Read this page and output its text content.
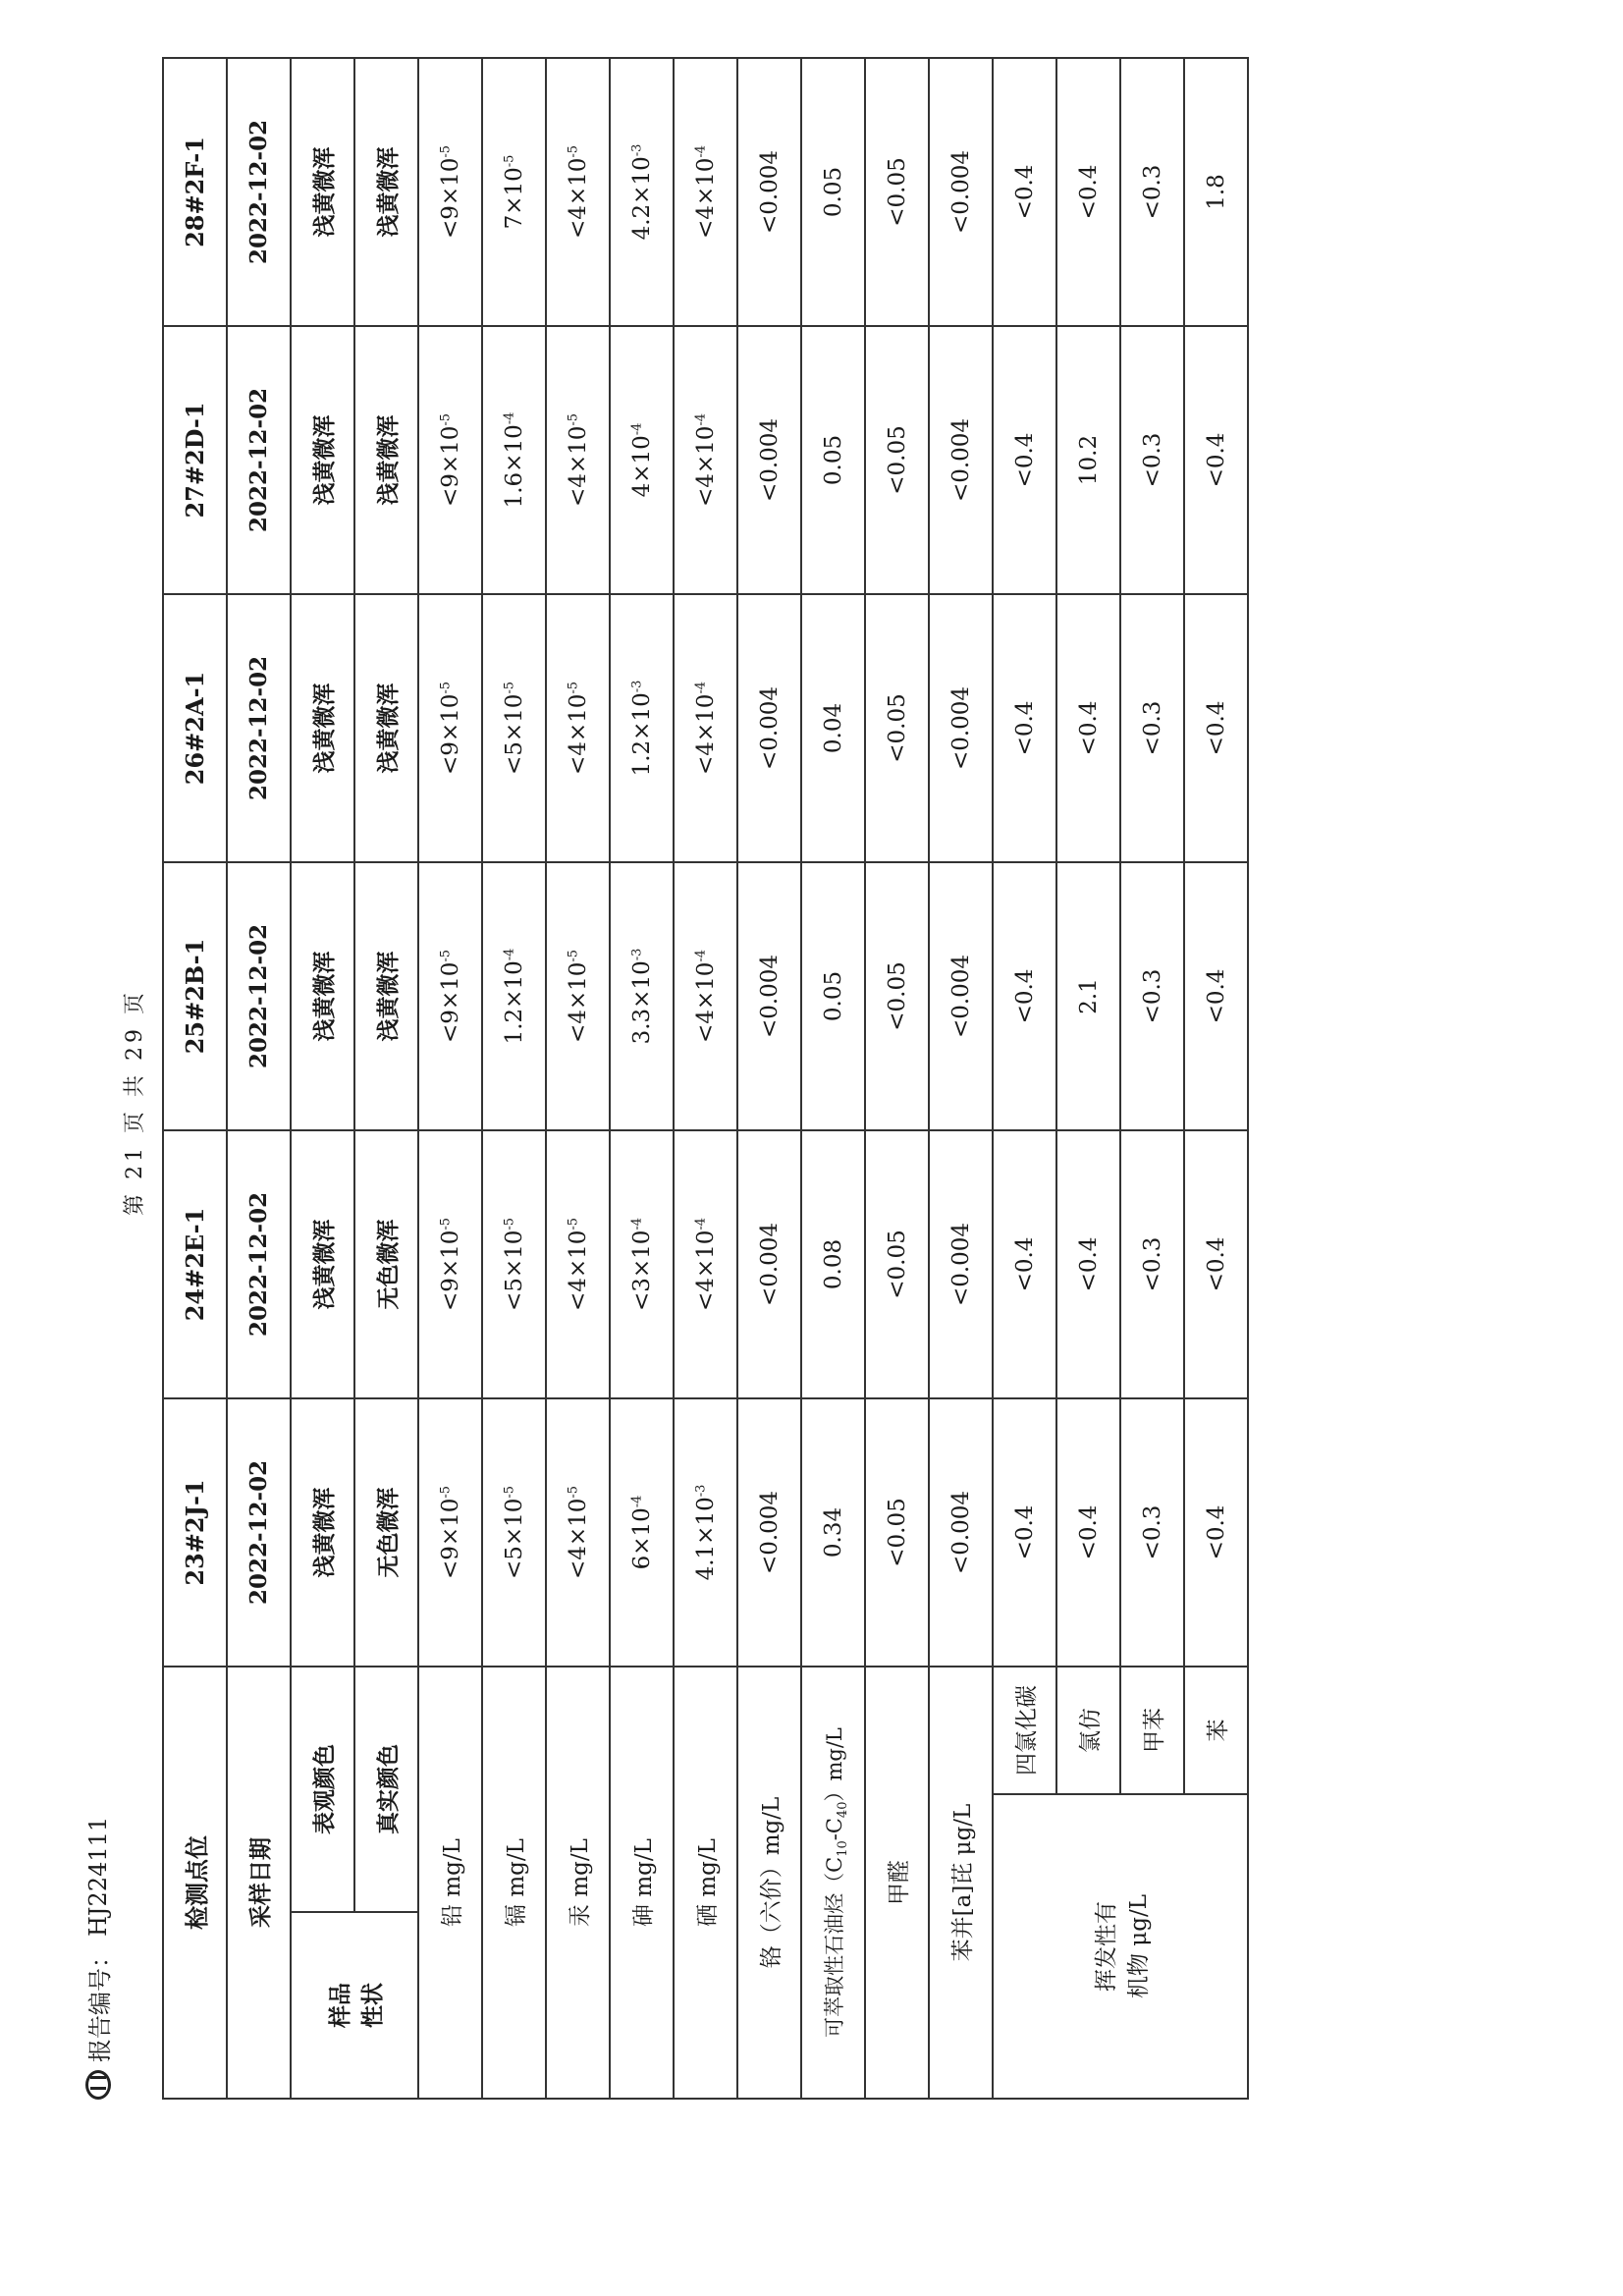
报告编号：
HJ224111
第 21 页 共 29 页
检测点位			23#2J-1	24#2E-1	25#2B-1	26#2A-1	27#2D-1	28#2F-1
采样日期			2022-12-02	2022-12-02	2022-12-02	2022-12-02	2022-12-02	2022-12-02

样品 性状	表观颜色		浅黄微浑	浅黄微浑	浅黄微浑	浅黄微浑	浅黄微浑	浅黄微浑
	真实颜色		无色微浑	无色微浑	浅黄微浑	浅黄微浑	浅黄微浑	浅黄微浑
铅 mg/L			$<9\times 10^{-5}$	$<9\times 10^{-5}$	$<9\times 10^{-5}$	$<9\times 10^{-5}$	$<9\times 10^{-5}$	$<9\times 10^{-5}$
镉 mg/L			$<5\times 10^{-5}$	$<5\times 10^{-5}$	$1.2\times 10^{-4}$	$<5\times 10^{-5}$	$1.6\times 10^{-4}$	$7\times 10^{-5}$
汞 mg/L			$<4\times 10^{-5}$	$<4\times 10^{-5}$	$<4\times 10^{-5}$	$<4\times 10^{-5}$	$<4\times 10^{-5}$	$<4\times 10^{-5}$
砷 mg/L			$6\times 10^{-4}$	$<3\times 10^{-4}$	$3.3\times 10^{-3}$	$1.2\times 10^{-3}$	$4\times 10^{-4}$	$4.2\times 10^{-3}$
硒 mg/L			$4.1\times 10^{-3}$	$<4\times 10^{-4}$	$<4\times 10^{-4}$	$<4\times 10^{-4}$	$<4\times 10^{-4}$	$<4\times 10^{-4}$
铬（六价）mg/L			<0.004	<0.004	<0.004	<0.004	<0.004	<0.004
可萃取性石油烃$(C_{10}-C_{40})mg/L$			0.34	0.08	0.05	0.04	0.05	0.05
甲醛			<0.05	<0.05	<0.05	<0.05	<0.05	<0.05
苯并[a]芘 μg/L			<0.004	<0.004	<0.004	<0.004	<0.004	<0.004

挥发性有 机物 μg/L		四氯化碳	<0.4	<0.4	<0.4	<0.4	<0.4	<0.4
		氯仿	<0.4	<0.4	2.1	<0.4	10.2	<0.4
		甲苯	<0.3	<0.3	<0.3	<0.3	<0.3	<0.3
		苯	<0.4	<0.4	<0.4	<0.4	<0.4	1.8
